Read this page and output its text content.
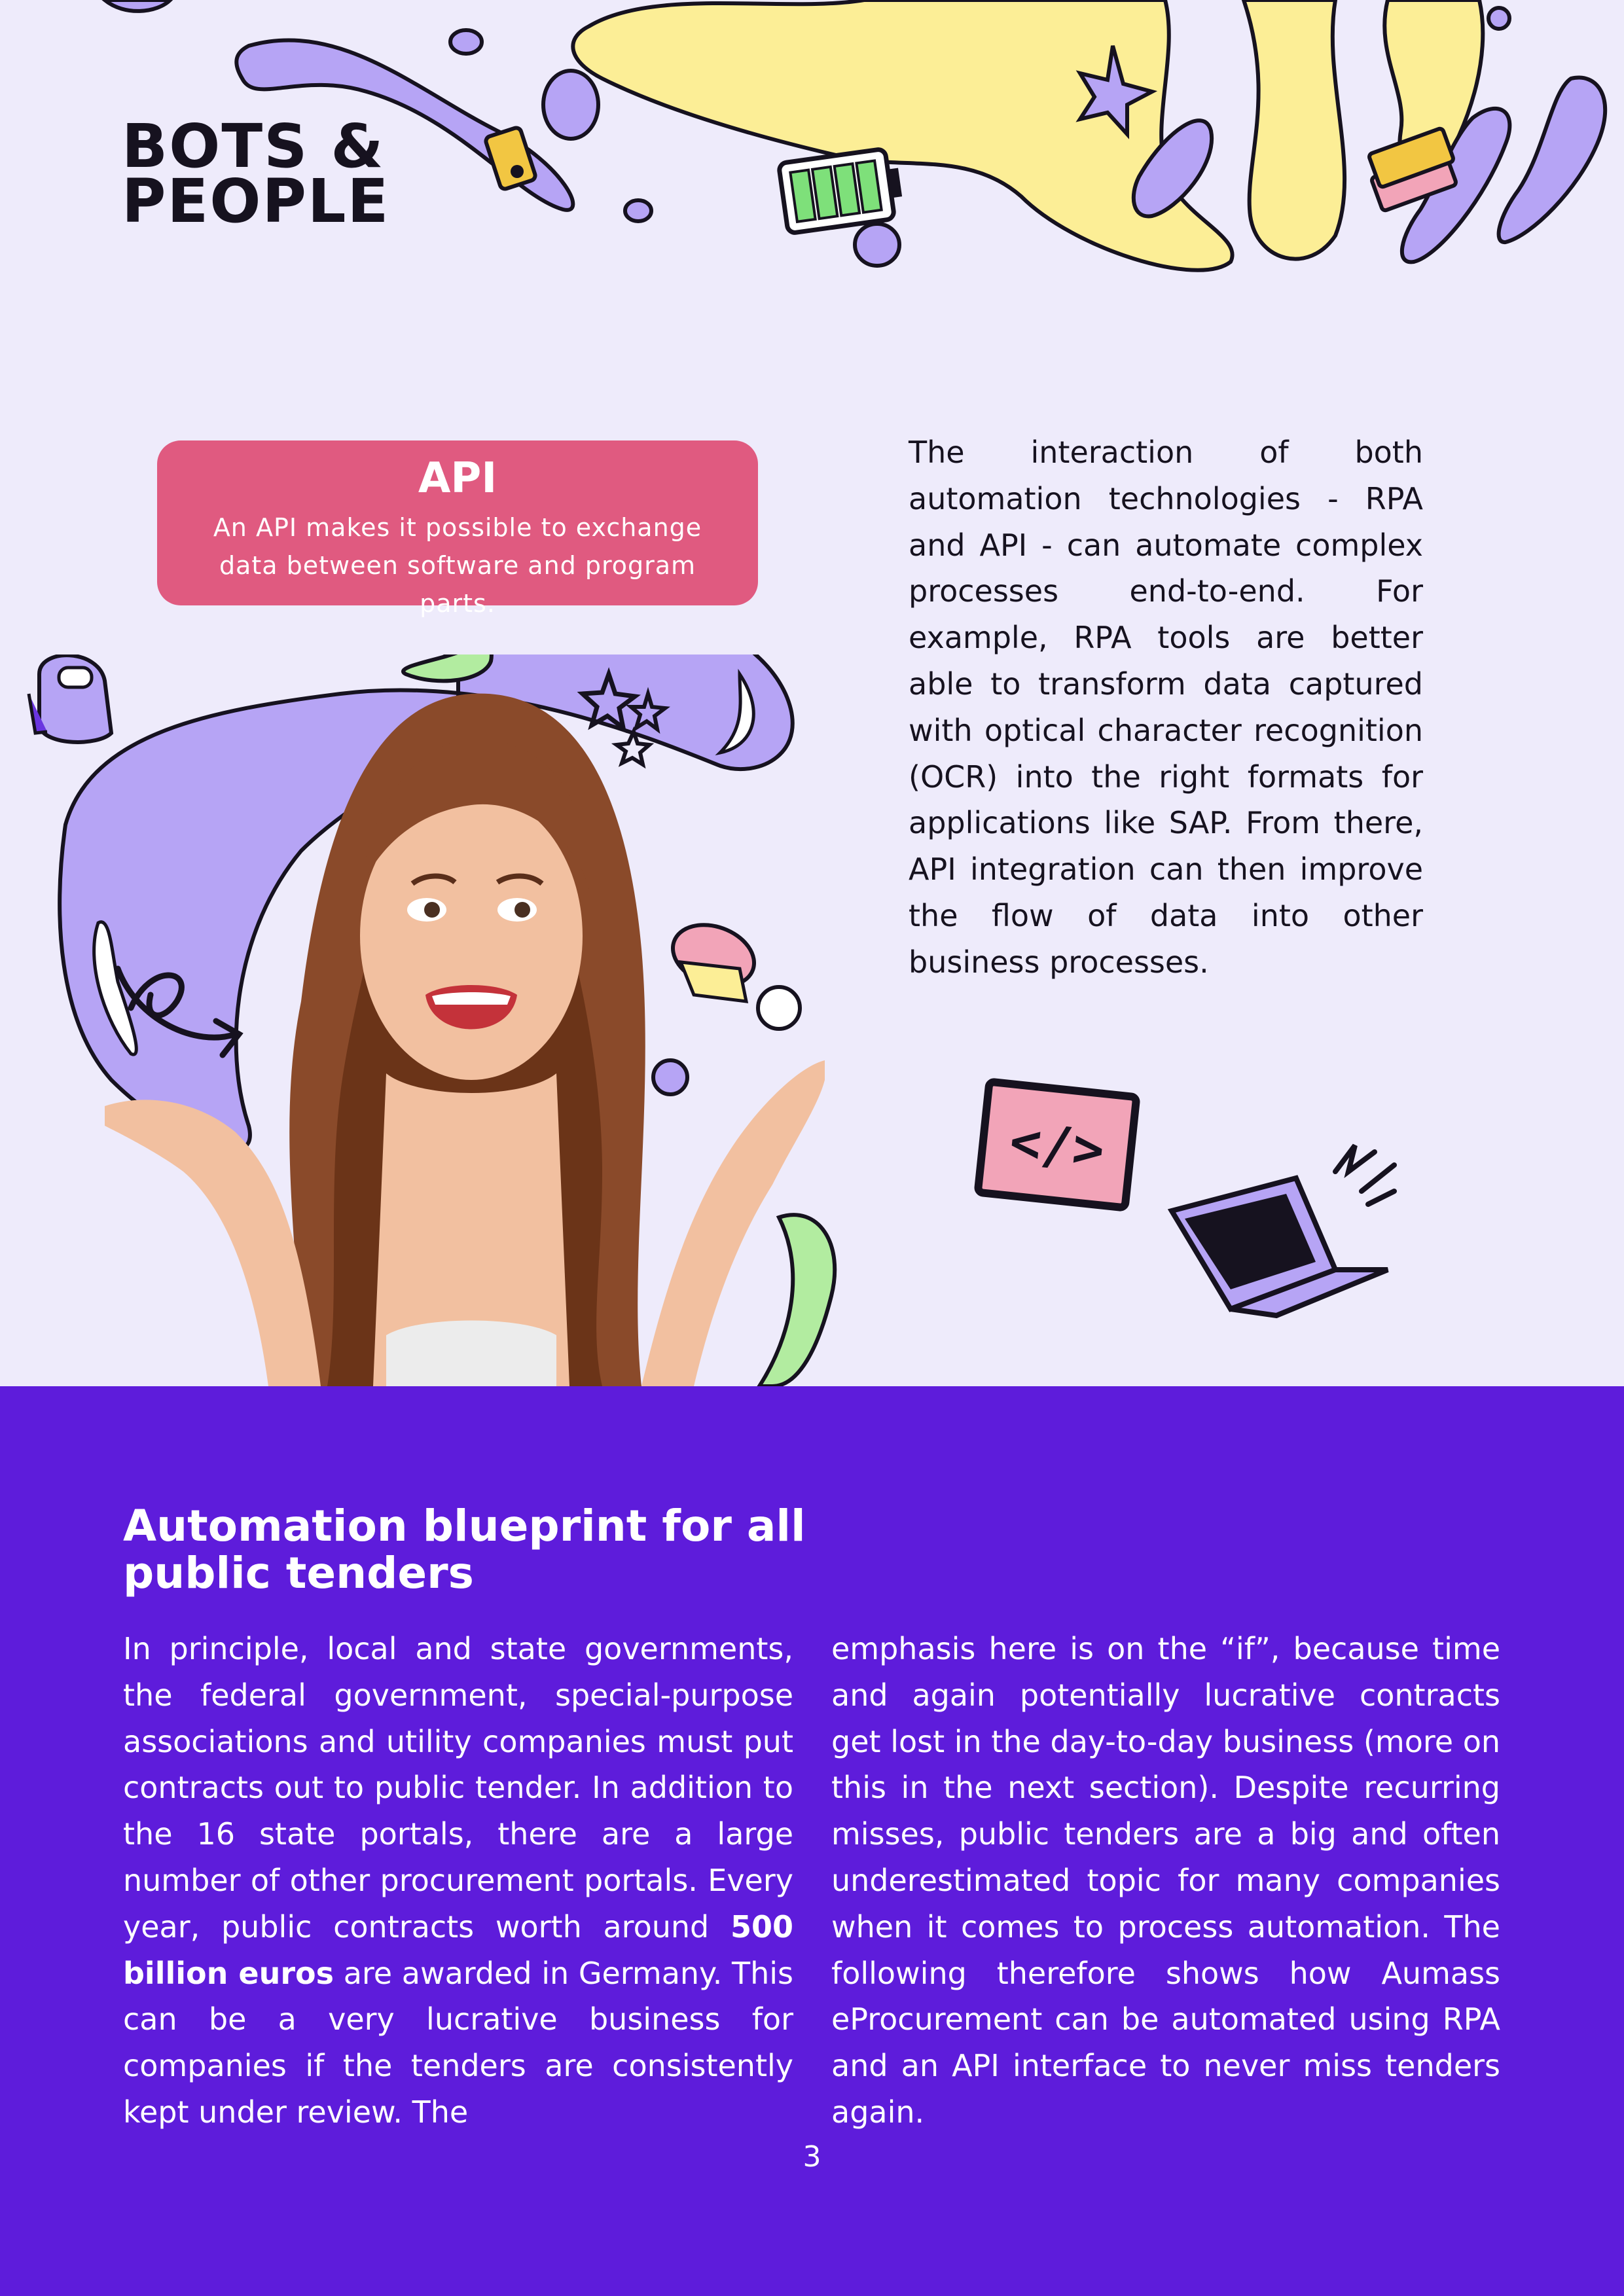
BOTS &
PEOPLE
API
An API makes it possible to exchange data between software and program parts.

The interaction of both automation technologies - RPA and API - can automate complex processes end-to-end. For example, RPA tools are better able to transform data captured with optical character recognition (OCR) into the right formats for applications like SAP. From there, API integration can then improve the flow of data into other business processes.

</>
Automation blueprint for all public tenders

In principle, local and state governments, the federal government, special-purpose associations and utility companies must put contracts out to public tender. In addition to the 16 state portals, there are a large number of other procurement portals. Every year, public contracts worth around 500 billion euros are awarded in Germany. This can be a very lucrative business for companies if the tenders are consistently kept under review. The

emphasis here is on the “if”, because time and again potentially lucrative contracts get lost in the day-to-day business (more on this in the next section). Despite recurring misses, public tenders are a big and often underestimated topic for many companies when it comes to process automation. The following therefore shows how Aumass eProcurement can be automated using RPA and an API interface to never miss tenders again.

3
